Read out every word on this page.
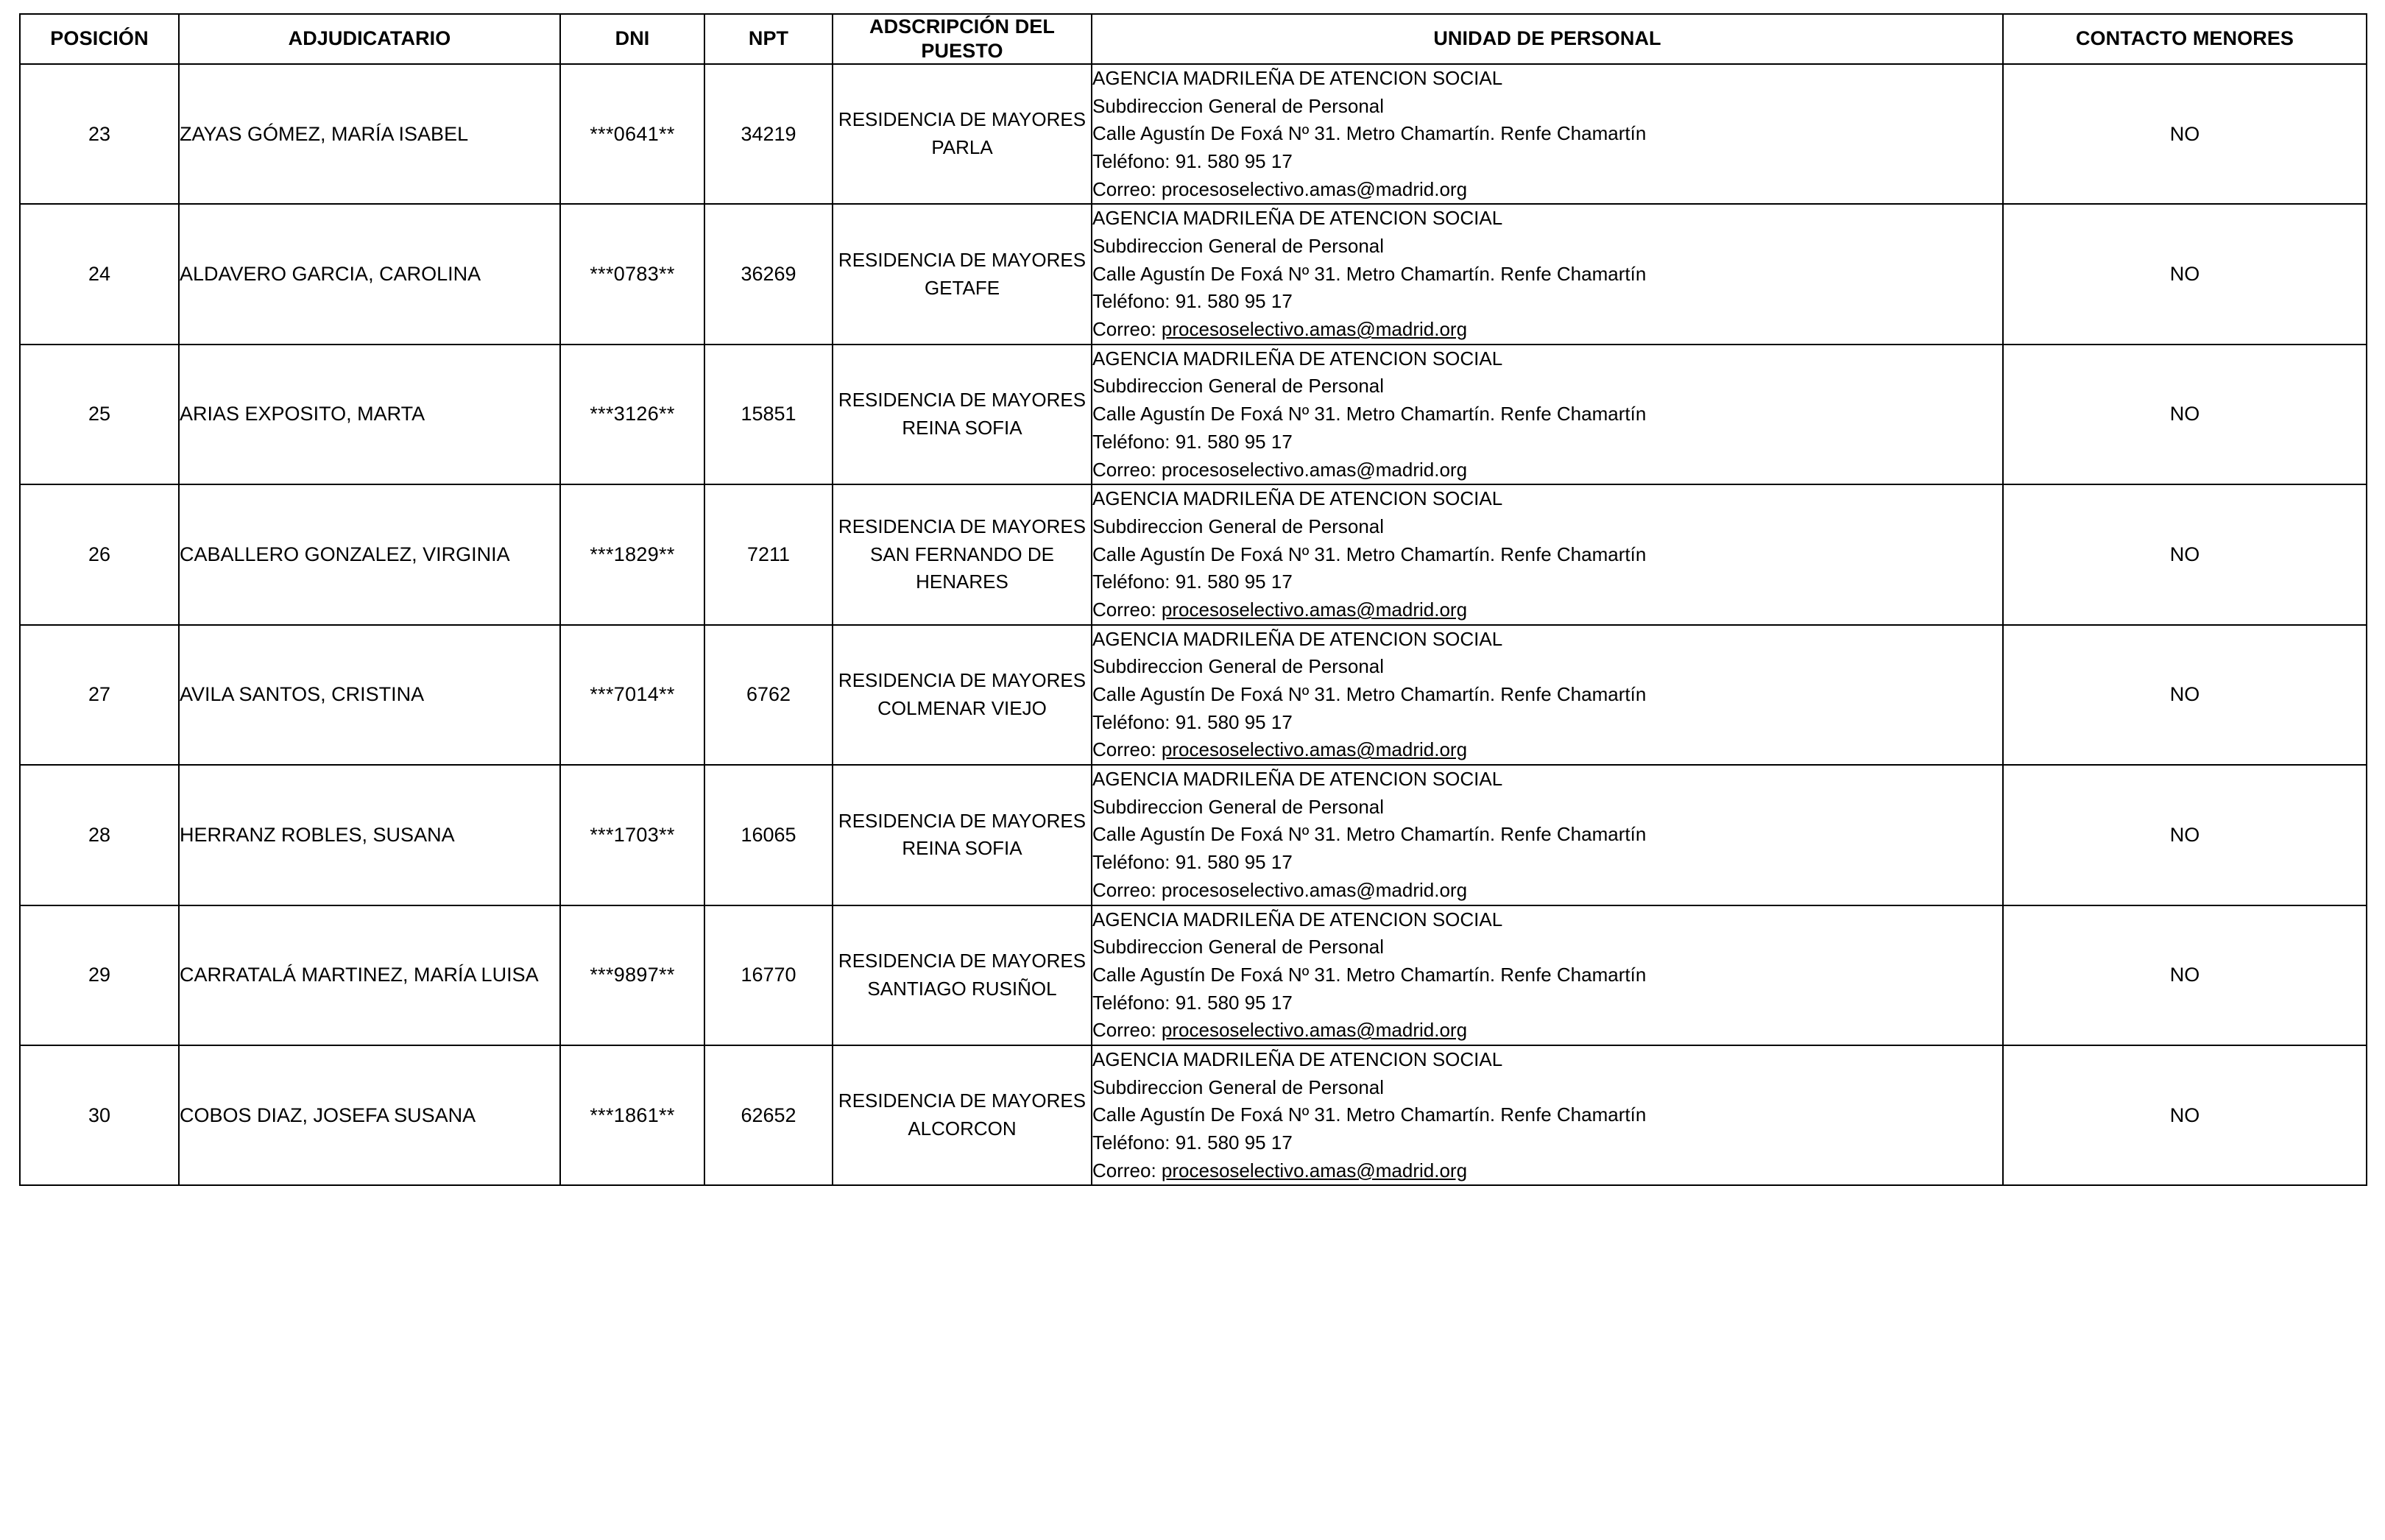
POSICIÓN	ADJUDICATARIO	DNI	NPT	ADSCRIPCIÓN DEL PUESTO	UNIDAD DE PERSONAL	CONTACTO MENORES
23	ZAYAS GÓMEZ, MARÍA ISABEL	***0641**	34219	RESIDENCIA DE MAYORES PARLA	AGENCIA MADRILEÑA DE ATENCION SOCIAL
Subdireccion General de Personal
Calle Agustín De Foxá Nº 31. Metro Chamartín. Renfe Chamartín
Teléfono: 91. 580 95 17
Correo: procesoselectivo.amas@madrid.org	NO
24	ALDAVERO GARCIA, CAROLINA	***0783**	36269	RESIDENCIA DE MAYORES GETAFE	AGENCIA MADRILEÑA DE ATENCION SOCIAL
Subdireccion General de Personal
Calle Agustín De Foxá Nº 31. Metro Chamartín. Renfe Chamartín
Teléfono: 91. 580 95 17
Correo: procesoselectivo.amas@madrid.org	NO
25	ARIAS EXPOSITO, MARTA	***3126**	15851	RESIDENCIA DE MAYORES REINA SOFIA	AGENCIA MADRILEÑA DE ATENCION SOCIAL
Subdireccion General de Personal
Calle Agustín De Foxá Nº 31. Metro Chamartín. Renfe Chamartín
Teléfono: 91. 580 95 17
Correo: procesoselectivo.amas@madrid.org	NO
26	CABALLERO GONZALEZ, VIRGINIA	***1829**	7211	RESIDENCIA DE MAYORES SAN FERNANDO DE HENARES	AGENCIA MADRILEÑA DE ATENCION SOCIAL
Subdireccion General de Personal
Calle Agustín De Foxá Nº 31. Metro Chamartín. Renfe Chamartín
Teléfono: 91. 580 95 17
Correo: procesoselectivo.amas@madrid.org	NO
27	AVILA SANTOS, CRISTINA	***7014**	6762	RESIDENCIA DE MAYORES COLMENAR VIEJO	AGENCIA MADRILEÑA DE ATENCION SOCIAL
Subdireccion General de Personal
Calle Agustín De Foxá Nº 31. Metro Chamartín. Renfe Chamartín
Teléfono: 91. 580 95 17
Correo: procesoselectivo.amas@madrid.org	NO
28	HERRANZ ROBLES, SUSANA	***1703**	16065	RESIDENCIA DE MAYORES REINA SOFIA	AGENCIA MADRILEÑA DE ATENCION SOCIAL
Subdireccion General de Personal
Calle Agustín De Foxá Nº 31. Metro Chamartín. Renfe Chamartín
Teléfono: 91. 580 95 17
Correo: procesoselectivo.amas@madrid.org	NO
29	CARRATALÁ MARTINEZ, MARÍA LUISA	***9897**	16770	RESIDENCIA DE MAYORES SANTIAGO RUSIÑOL	AGENCIA MADRILEÑA DE ATENCION SOCIAL
Subdireccion General de Personal
Calle Agustín De Foxá Nº 31. Metro Chamartín. Renfe Chamartín
Teléfono: 91. 580 95 17
Correo: procesoselectivo.amas@madrid.org	NO
30	COBOS DIAZ, JOSEFA SUSANA	***1861**	62652	RESIDENCIA DE MAYORES ALCORCON	AGENCIA MADRILEÑA DE ATENCION SOCIAL
Subdireccion General de Personal
Calle Agustín De Foxá Nº 31. Metro Chamartín. Renfe Chamartín
Teléfono: 91. 580 95 17
Correo: procesoselectivo.amas@madrid.org	NO
